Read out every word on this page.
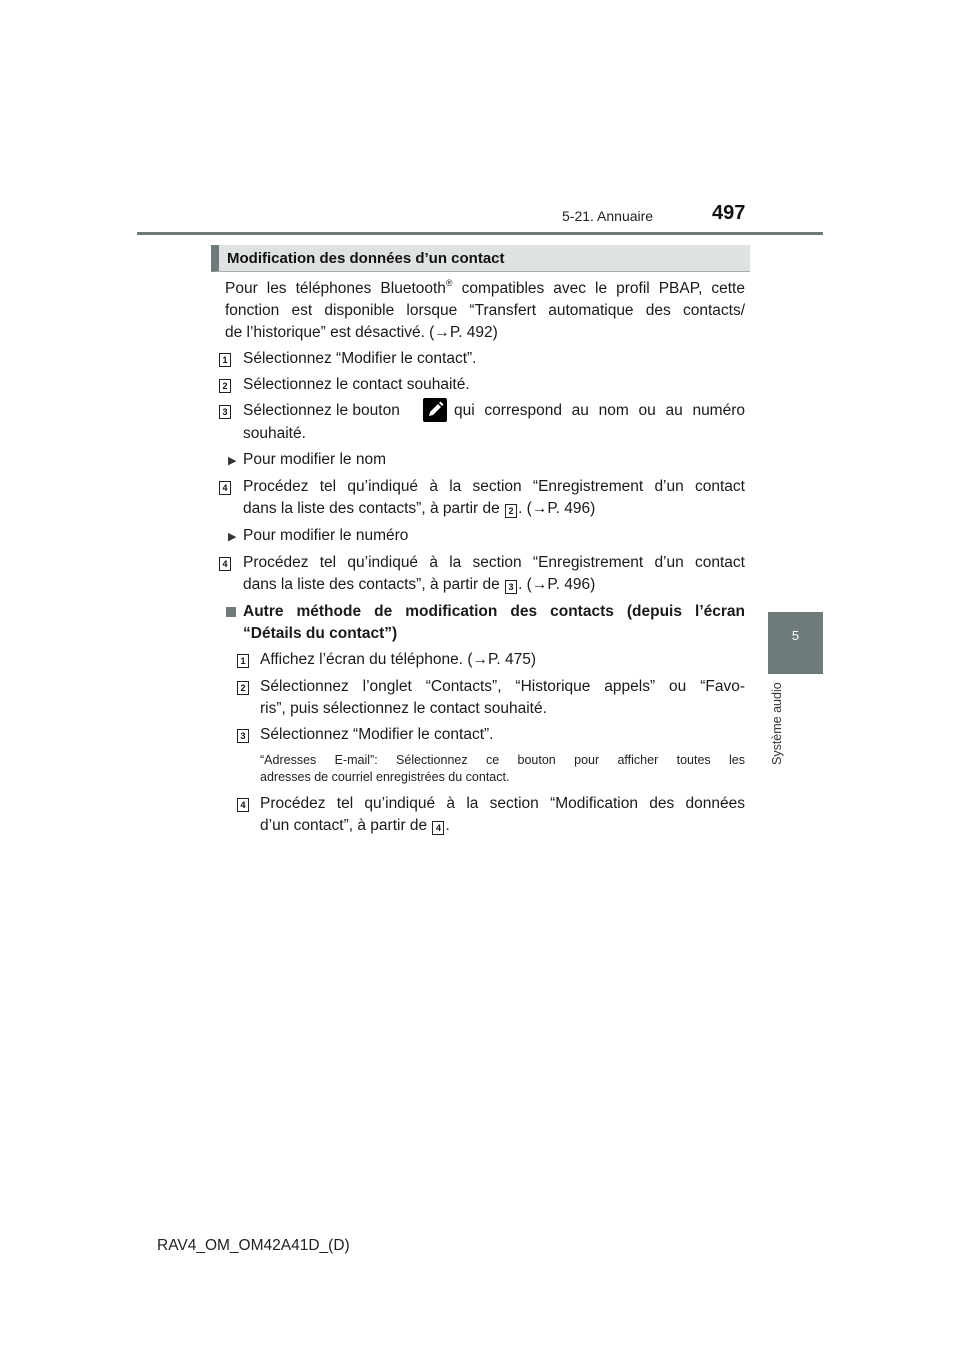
5-21. Annuaire	497
5
Système audio
Modification des données d’un contact
Pour les téléphones Bluetooth® compatibles avec le profil PBAP, cette
fonction est disponible lorsque “Transfert automatique des contacts/
de l’historique” est désactivé. (→P. 492)
1 Sélectionnez “Modifier le contact”.
2 Sélectionnez le contact souhaité.
3 Sélectionnez le bouton	qui correspond au nom ou au numéro
souhaité.
▶ Pour modifier le nom
4 Procédez tel qu’indiqué à la section “Enregistrement d’un contact
dans la liste des contacts”, à partir de 2 . (→P. 496)
▶ Pour modifier le numéro
4 Procédez tel qu’indiqué à la section “Enregistrement d’un contact
dans la liste des contacts”, à partir de 3 . (→P. 496)
Autre méthode de modification des contacts (depuis l’écran
“Détails du contact”)
1 Affichez l’écran du téléphone. (→P. 475)
2 Sélectionnez l’onglet “Contacts”, “Historique appels” ou “Favo-
ris”, puis sélectionnez le contact souhaité.
3 Sélectionnez “Modifier le contact”.
“Adresses E-mail”: Sélectionnez ce bouton pour afficher toutes les
adresses de courriel enregistrées du contact.
4 Procédez tel qu’indiqué à la section “Modification des données
d’un contact”, à partir de 4 .
RAV4_OM_OM42A41D_(D)
